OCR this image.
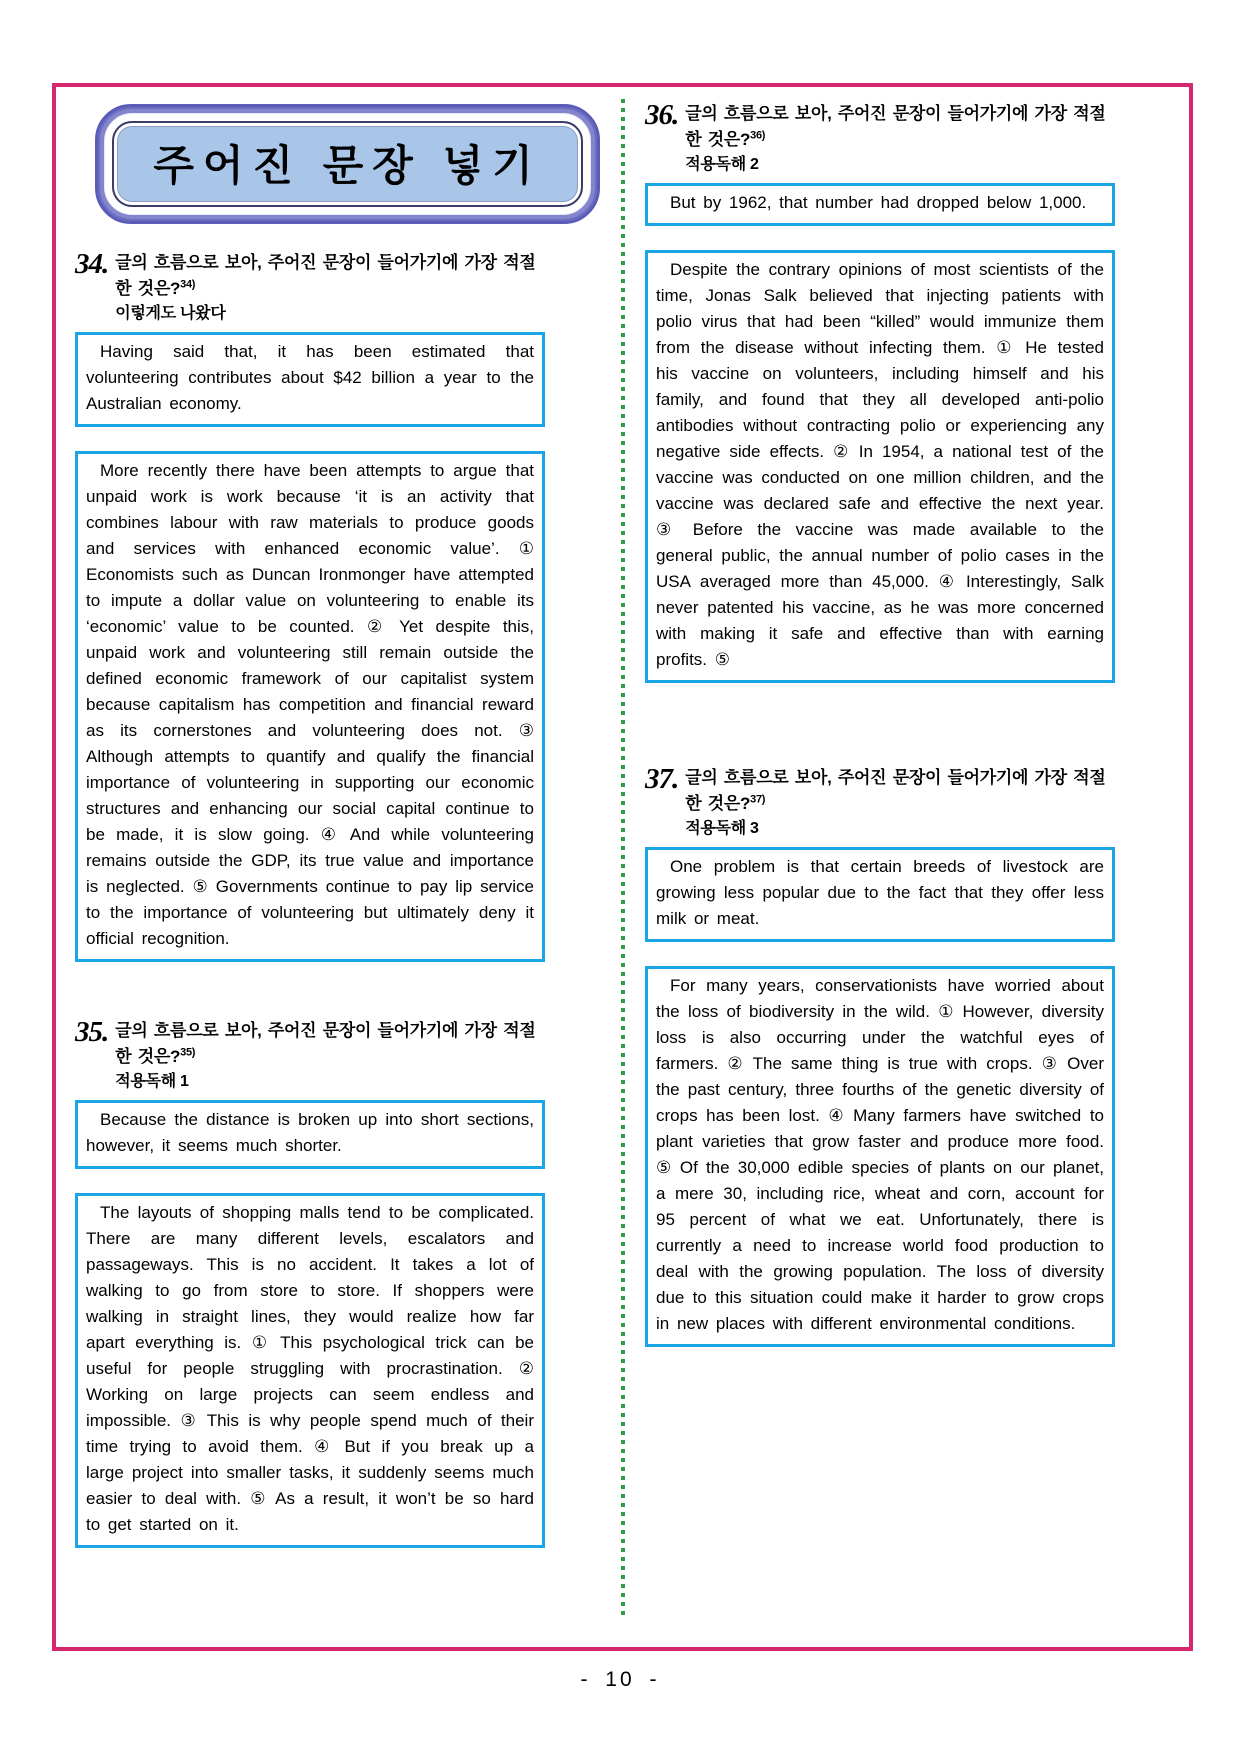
주어진 문장 넣기
34. 글의 흐름으로 보아, 주어진 문장이 들어가기에 가장 적절한 것은?$^{34)}$
이렇게도 나왔다

Having said that, it has been estimated that volunteering contributes about $42 billion a year to the Australian economy.

More recently there have been attempts to argue that unpaid work is work because ‘it is an activity that combines labour with raw materials to produce goods and services with enhanced economic value’. ① Economists such as Duncan Ironmonger have attempted to impute a dollar value on volunteering to enable its ‘economic’ value to be counted. ② Yet despite this, unpaid work and volunteering still remain outside the defined economic framework of our capitalist system because capitalism has competition and financial reward as its cornerstones and volunteering does not. ③ Although attempts to quantify and qualify the financial importance of volunteering in supporting our economic structures and enhancing our social capital continue to be made, it is slow going. ④ And while volunteering remains outside the GDP, its true value and importance is neglected. ⑤ Governments continue to pay lip service to the importance of volunteering but ultimately deny it official recognition.

35. 글의 흐름으로 보아, 주어진 문장이 들어가기에 가장 적절한 것은?$^{35)}$
적용독해 1

Because the distance is broken up into short sections, however, it seems much shorter.

The layouts of shopping malls tend to be complicated. There are many different levels, escalators and passageways. This is no accident. It takes a lot of walking to go from store to store. If shoppers were walking in straight lines, they would realize how far apart everything is. ① This psychological trick can be useful for people struggling with procrastination. ② Working on large projects can seem endless and impossible. ③ This is why people spend much of their time trying to avoid them. ④ But if you break up a large project into smaller tasks, it suddenly seems much easier to deal with. ⑤ As a result, it won’t be so hard to get started on it.

36. 글의 흐름으로 보아, 주어진 문장이 들어가기에 가장 적절한 것은?$^{36)}$
적용독해 2

But by 1962, that number had dropped below 1,000.

Despite the contrary opinions of most scientists of the time, Jonas Salk believed that injecting patients with polio virus that had been “killed” would immunize them from the disease without infecting them. ① He tested his vaccine on volunteers, including himself and his family, and found that they all developed anti-polio antibodies without contracting polio or experiencing any negative side effects. ② In 1954, a national test of the vaccine was conducted on one million children, and the vaccine was declared safe and effective the next year. ③ Before the vaccine was made available to the general public, the annual number of polio cases in the USA averaged more than 45,000. ④ Interestingly, Salk never patented his vaccine, as he was more concerned with making it safe and effective than with earning profits. ⑤

37. 글의 흐름으로 보아, 주어진 문장이 들어가기에 가장 적절한 것은?$^{37)}$
적용독해 3

One problem is that certain breeds of livestock are growing less popular due to the fact that they offer less milk or meat.

For many years, conservationists have worried about the loss of biodiversity in the wild. ① However, diversity loss is also occurring under the watchful eyes of farmers. ② The same thing is true with crops. ③ Over the past century, three fourths of the genetic diversity of crops has been lost. ④ Many farmers have switched to plant varieties that grow faster and produce more food. ⑤ Of the 30,000 edible species of plants on our planet, a mere 30, including rice, wheat and corn, account for 95 percent of what we eat. Unfortunately, there is currently a need to increase world food production to deal with the growing population. The loss of diversity due to this situation could make it harder to grow crops in new places with different environmental conditions.

- 10 -
